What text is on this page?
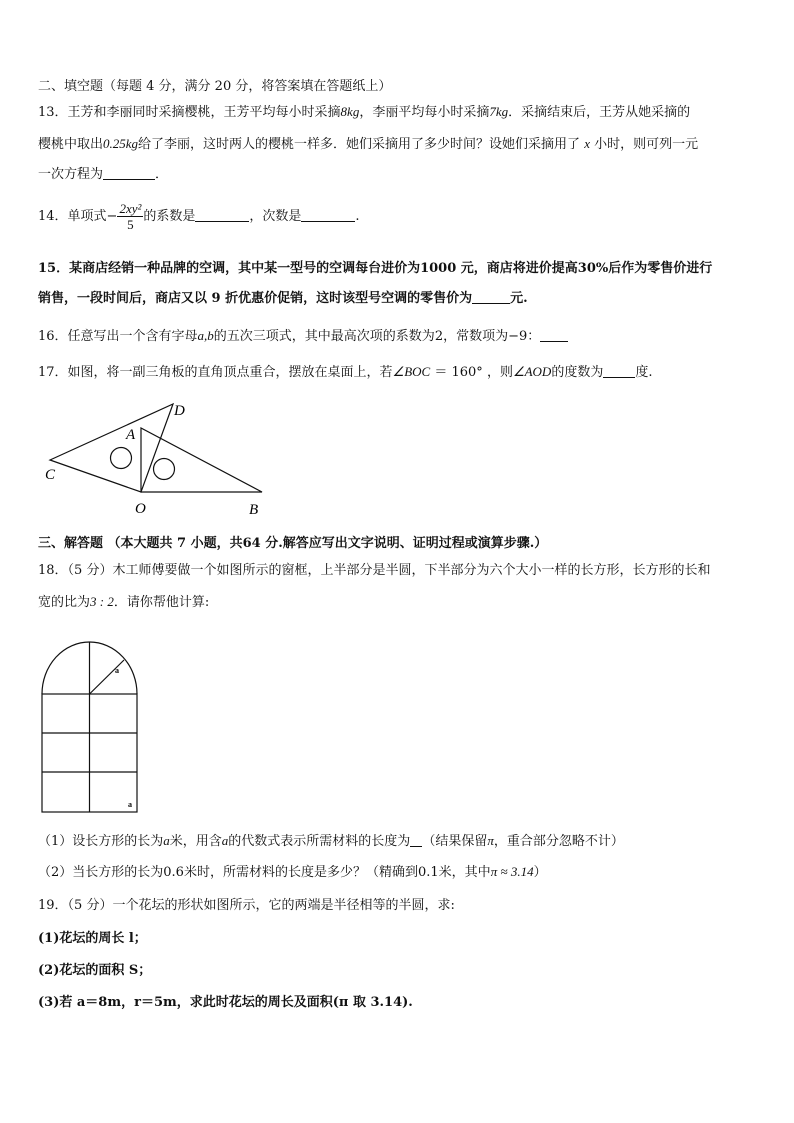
二、填空题（每题 4 分，满分 20 分，将答案填在答题纸上）
13．王芳和李丽同时采摘樱桃，王芳平均每小时采摘8kg，李丽平均每小时采摘7kg．采摘结束后，王芳从她采摘的
樱桃中取出0.25kg给了李丽，这时两人的樱桃一样多．她们采摘用了多少时间？设她们采摘用了 x 小时，则可列一元
一次方程为	．
14．单项式− $\frac{\text{2xy²}}{5}$ 的系数是	，次数是	.
15．某商店经销一种品牌的空调，其中某一型号的空调每台进价为1000 元，商店将进价提高30%后作为零售价进行
销售，一段时间后，商店又以 9 折优惠价促销，这时该型号空调的零售价为	元.
16．任意写出一个含有字母a,b的五次三项式，其中最高次项的系数为2，常数项为−9：
17．如图，将一副三角板的直角顶点重合，摆放在桌面上，若∠BOC ＝ 160° ，则∠AOD的度数为 度.
A
D
C
O	B
三、解答题 （本大题共 7 小题，共64 分.解答应写出文字说明、证明过程或演算步骤.）
18．（5 分）木工师傅要做一个如图所示的窗框，上半部分是半圆，下半部分为六个大小一样的长方形，长方形的长和
宽的比为3 : 2．请你帮他计算:
a
a
（1）设长方形的长为a米，用含a的代数式表示所需材料的长度为 （结果保留π，重合部分忽略不计）
（2）当长方形的长为0.6米时，所需材料的长度是多少？（精确到0.1米，其中π ≈ 3.14）
19．（5 分）一个花坛的形状如图所示，它的两端是半径相等的半圆，求:
(1)花坛的周长 l；
(2)花坛的面积 S；
(3)若 a＝8m，r＝5m，求此时花坛的周长及面积(π 取 3.14).
